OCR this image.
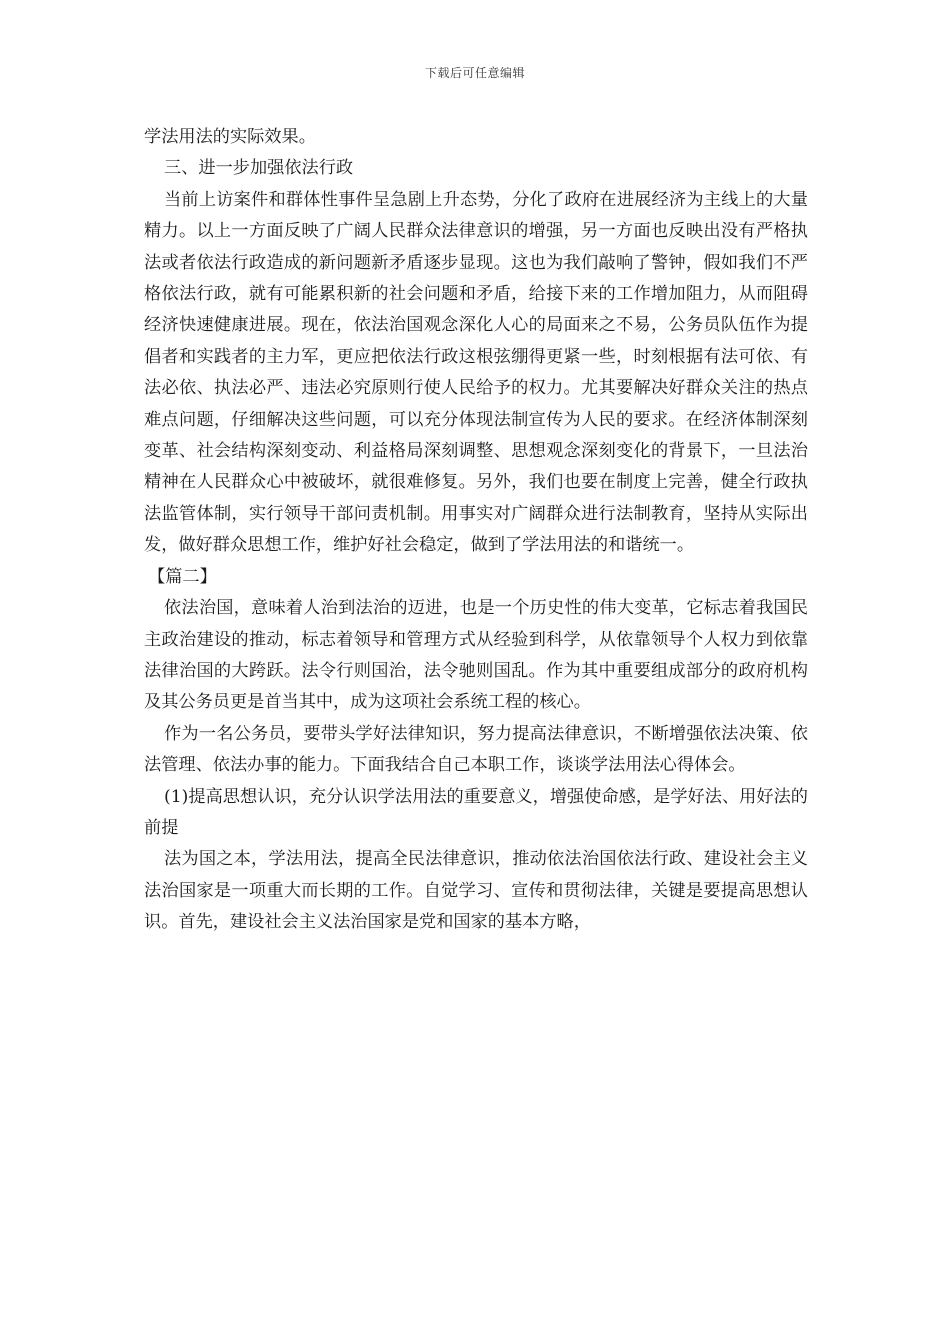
下载后可任意编辑

学法用法的实际效果。

三、进一步加强依法行政

当前上访案件和群体性事件呈急剧上升态势，分化了政府在进展经济为主线上的大量精力。以上一方面反映了广阔人民群众法律意识的增强，另一方面也反映出没有严格执法或者依法行政造成的新问题新矛盾逐步显现。这也为我们敲响了警钟，假如我们不严格依法行政，就有可能累积新的社会问题和矛盾，给接下来的工作增加阻力，从而阻碍经济快速健康进展。现在，依法治国观念深化人心的局面来之不易，公务员队伍作为提倡者和实践者的主力军，更应把依法行政这根弦绷得更紧一些，时刻根据有法可依、有法必依、执法必严、违法必究原则行使人民给予的权力。尤其要解决好群众关注的热点难点问题，仔细解决这些问题，可以充分体现法制宣传为人民的要求。在经济体制深刻变革、社会结构深刻变动、利益格局深刻调整、思想观念深刻变化的背景下，一旦法治精神在人民群众心中被破坏，就很难修复。另外，我们也要在制度上完善，健全行政执法监管体制，实行领导干部问责机制。用事实对广阔群众进行法制教育，坚持从实际出发，做好群众思想工作，维护好社会稳定，做到了学法用法的和谐统一。

【篇二】

依法治国，意味着人治到法治的迈进，也是一个历史性的伟大变革，它标志着我国民主政治建设的推动，标志着领导和管理方式从经验到科学，从依靠领导个人权力到依靠法律治国的大跨跃。法令行则国治，法令驰则国乱。作为其中重要组成部分的政府机构及其公务员更是首当其中，成为这项社会系统工程的核心。

作为一名公务员，要带头学好法律知识，努力提高法律意识，不断增强依法决策、依法管理、依法办事的能力。下面我结合自己本职工作，谈谈学法用法心得体会。

(1)提高思想认识，充分认识学法用法的重要意义，增强使命感，是学好法、用好法的前提

法为国之本，学法用法，提高全民法律意识，推动依法治国依法行政、建设社会主义法治国家是一项重大而长期的工作。自觉学习、宣传和贯彻法律，关键是要提高思想认识。首先，建设社会主义法治国家是党和国家的基本方略，
